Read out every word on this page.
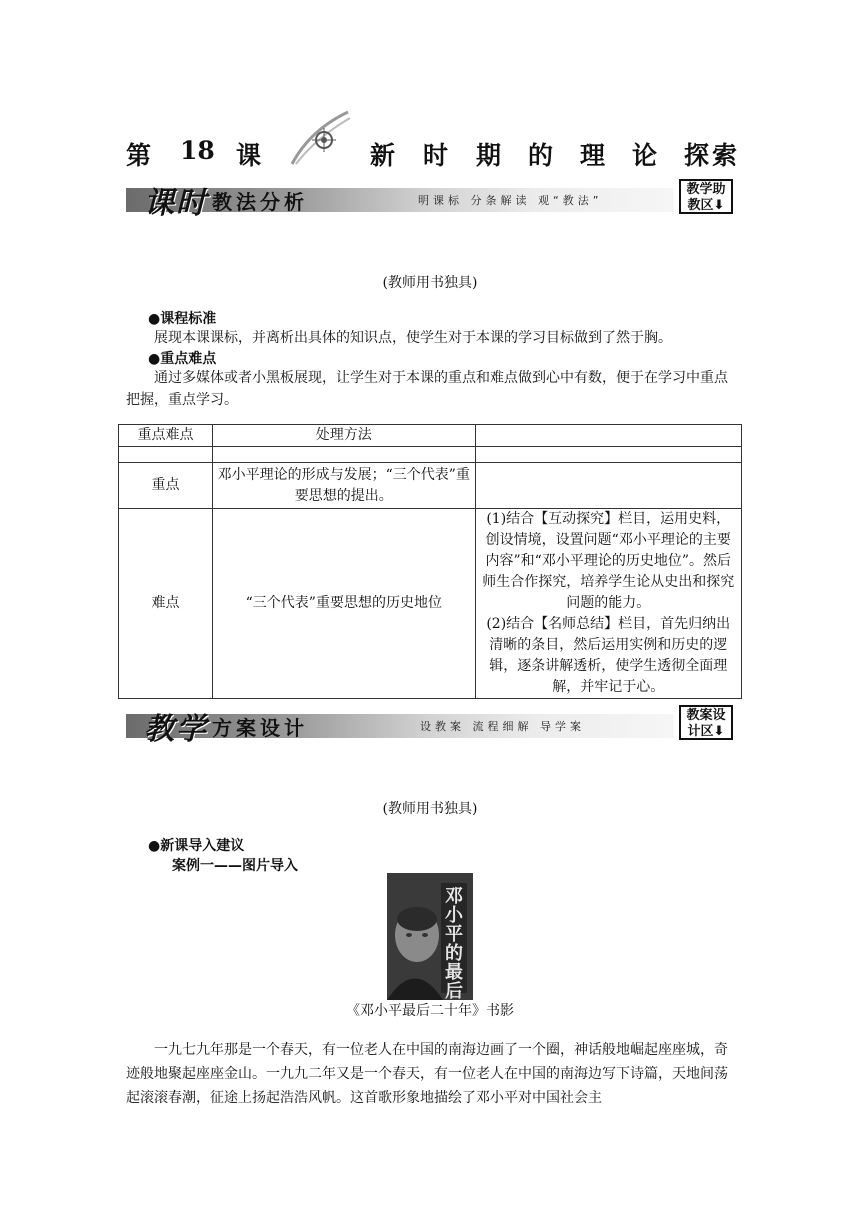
第 18 课	新 时 期 的 理 论 探 索
课时 教法分析	明课标 分条解读 观“教法”
教学助
教区⬇
(教师用书独具)
●课程标准
展现本课课标，并离析出具体的知识点，使学生对于本课的学习目标做到了然于胸。
●重点难点
通过多媒体或者小黑板展现，让学生对于本课的重点和难点做到心中有数，便于在学习中重点把握，重点学习。
重点难点	处理方法	

重点	邓小平理论的形成与发展；“三个代表”重要思想的提出。	
难点	“三个代表”重要思想的历史地位	(1)结合【互动探究】栏目，运用史料，创设情境，设置问题“邓小平理论的主要内容”和“邓小平理论的历史地位”。然后师生合作探究，培养学生论从史出和探究问题的能力。
(2)结合【名师总结】栏目，首先归纳出清晰的条目，然后运用实例和历史的逻辑，逐条讲解透析，使学生透彻全面理解，并牢记于心。
教学 方案设计	设教案 流程细解 导学案
教案设
计区⬇
(教师用书独具)
●新课导入建议
案例一——图片导入
邓小平的最后
《邓小平最后二十年》书影
一九七九年那是一个春天，有一位老人在中国的南海边画了一个圈，神话般地崛起座座城，奇迹般地聚起座座金山。一九九二年又是一个春天，有一位老人在中国的南海边写下诗篇，天地间荡起滚滚春潮，征途上扬起浩浩风帆。这首歌形象地描绘了邓小平对中国社会主
